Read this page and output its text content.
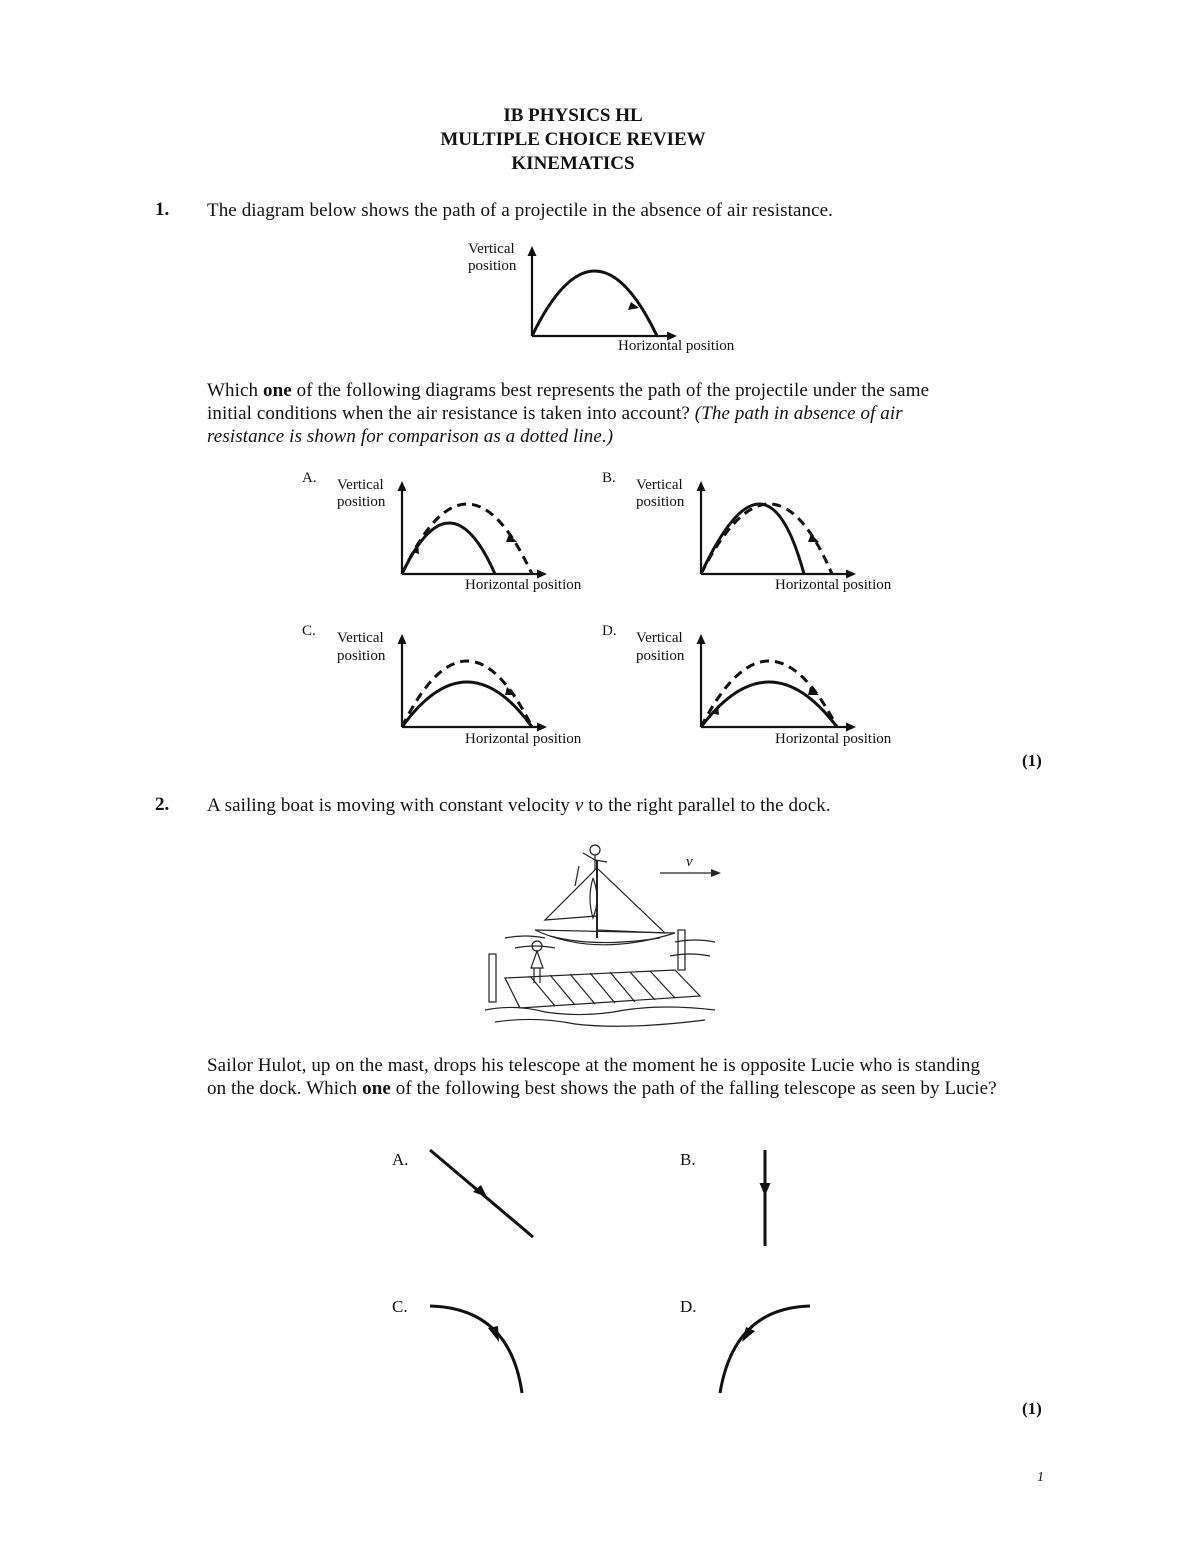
IB PHYSICS HL
MULTIPLE CHOICE REVIEW
KINEMATICS
1. The diagram below shows the path of a projectile in the absence of air resistance.
Vertical
position
Horizontal position
Which one of the following diagrams best represents the path of the projectile under the same initial conditions when the air resistance is taken into account? (The path in absence of air resistance is shown for comparison as a dotted line.)
A. Vertical
position
Horizontal position
B. Vertical
position
Horizontal position
C. Vertical
position
Horizontal position
D. Vertical
position
Horizontal position
(1)
2. A sailing boat is moving with constant velocity v to the right parallel to the dock.
v
Sailor Hulot, up on the mast, drops his telescope at the moment he is opposite Lucie who is standing on the dock. Which one of the following best shows the path of the falling telescope as seen by Lucie?
A.	B.
C.	D.
(1)
1
